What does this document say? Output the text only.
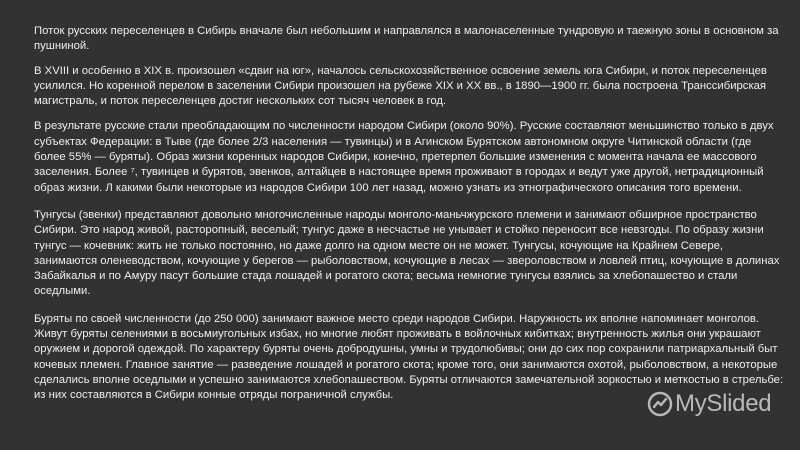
Поток русских переселенцев в Сибирь вначале был небольшим и направлялся в малонаселенные тундровую и таежную зоны в основном за пушниной.

В XVIII и особенно в XIX в. произошел «сдвиг на юг», началось сельскохозяйственное освоение земель юга Сибири, и поток переселенцев усилился. Но коренной перелом в заселении Сибири произошел на рубеже XIX и XX вв., в 1890—1900 гг. была построена Транссибирская магистраль, и поток переселенцев достиг нескольких сот тысяч человек в год.

В результате русские стали преобладающим по численности народом Сибири (около 90%). Русские составляют меньшинство только в двух субъектах Федерации: в Тыве (где более 2/3 населения — тувинцы) и в Агинском Бурятском автономном округе Читинской области (где более 55% — буряты). Образ жизни коренных народов Сибири, конечно, претерпел большие изменения с момента начала ее массового заселения. Более ⁷, тувинцев и бурятов, эвенков, алтайцев в настоящее время проживают в городах и ведут уже другой, нетрадиционный образ жизни. Л какими были некоторые из народов Сибири 100 лет назад, можно узнать из этнографического описания того времени.

Тунгусы (эвенки) представляют довольно многочисленные народы монголо-маньчжурского племени и занимают обширное пространство Сибири. Это народ живой, расторопный, веселый; тунгус даже в несчастье не унывает и стойко переносит все невзгоды. По образу жизни тунгус — кочевник: жить не только постоянно, но даже долго на одном месте он не может. Тунгусы, кочующие на Крайнем Севере, занимаются оленеводством, кочующие у берегов — рыболовством, кочующие в лесах — звероловством и ловлей птиц, кочующие в долинах Забайкалья и по Амуру пасут большие стада лошадей и рогатого скота; весьма немногие тунгусы взялись за хлебопашество и стали оседлыми.

Буряты по своей численности (до 250 000) занимают важное место среди народов Сибири. Наружность их вполне напоминает монголов. Живут буряты селениями в восьмиугольных избах, но многие любят проживать в войлочных кибитках; внутренность жилья они украшают оружием и дорогой одеждой. По характеру буряты очень добродушны, умны и трудолюбивы; они до сих пор сохранили патриархальный быт кочевых племен. Главное занятие — разведение лошадей и рогатого скота; кроме того, они занимаются охотой, рыболовством, а некоторые сделались вполне оседлыми и успешно занимаются хлебопашеством. Буряты отличаются замечательной зоркостью и меткостью в стрельбе: из них составляются в Сибири конные отряды пограничной службы.	MySlide d
